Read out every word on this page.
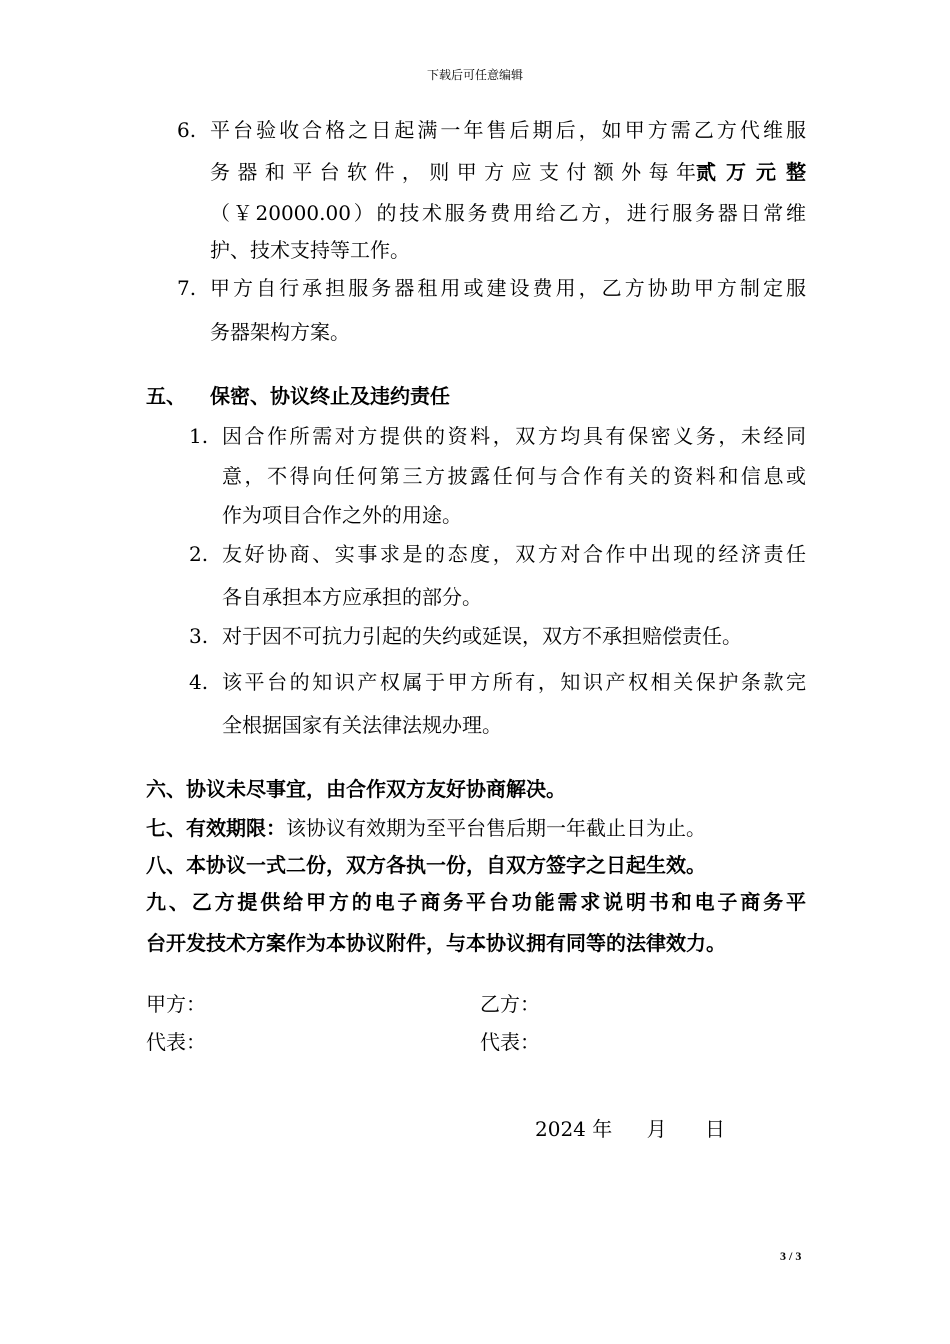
下载后可任意编辑
6. 平台验收合格之日起满一年售后期后，如甲方需乙方代维服
务器和平台软件，则甲方应支付额外每年 贰万元整
（￥20000.00）的技术服务费用给乙方，进行服务器日常维
护、技术支持等工作。
7. 甲方自行承担服务器租用或建设费用，乙方协助甲方制定服
务器架构方案。
五、 保密、协议终止及违约责任
1. 因合作所需对方提供的资料，双方均具有保密义务，未经同
意，不得向任何第三方披露任何与合作有关的资料和信息或
作为项目合作之外的用途。
2. 友好协商、实事求是的态度，双方对合作中出现的经济责任
各自承担本方应承担的部分。
3. 对于因不可抗力引起的失约或延误，双方不承担赔偿责任。
4. 该平台的知识产权属于甲方所有，知识产权相关保护条款完
全根据国家有关法律法规办理。
六、协议未尽事宜，由合作双方友好协商解决。
七、有效期限：该协议有效期为至平台售后期一年截止日为止。
八、本协议一式二份，双方各执一份，自双方签字之日起生效。
九、乙方提供给甲方的电子商务平台功能需求说明书和电子商务平
台开发技术方案作为本协议附件，与本协议拥有同等的法律效力。
甲方：	乙方：
代表：	代表：
2024 年 月 日
3 / 3
